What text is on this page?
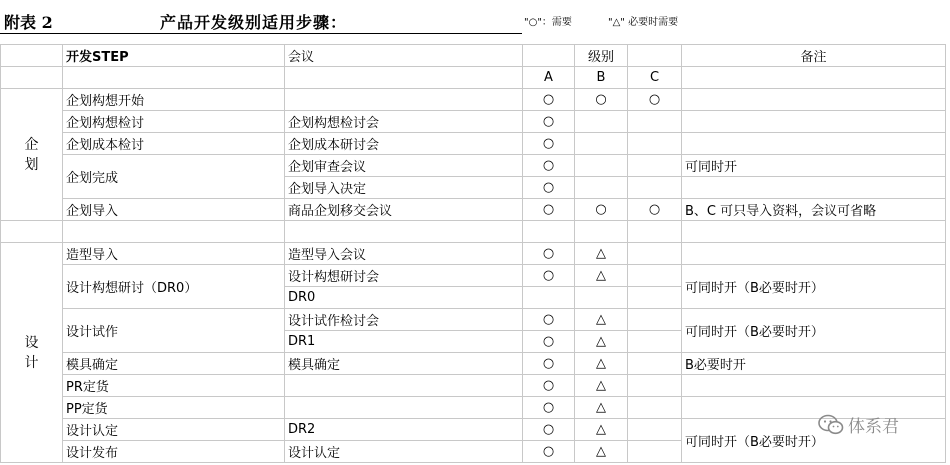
附表 2	产品开发级别适用步骤：	"○"：需要	"△" 必要时需要
	开发STEP	会议		级别		备注
			A	B	C	
企
划	企划构想开始		○	○	○	
	企划构想检讨	企划构想检讨会	○			
	企划成本检讨	企划成本研讨会	○			
	企划完成	企划审查会议	○			可同时开
		企划导入决定	○			
	企划导入	商品企划移交会议	○	○	○	B、C 可只导入资料，会议可省略

设
计	造型导入	造型导入会议	○	△		
	设计构想研讨（DR0）	设计构想研讨会	○	△		可同时开（B必要时开）
		DR0				
	设计试作	设计试作检讨会	○	△		可同时开（B必要时开）
		DR1	○	△		
	模具确定	模具确定	○	△		B必要时开
	PR定货		○	△		
	PP定货		○	△		
	设计认定	DR2	○	△		可同时开（B必要时开）
	设计发布	设计认定	○	△		
体系君
